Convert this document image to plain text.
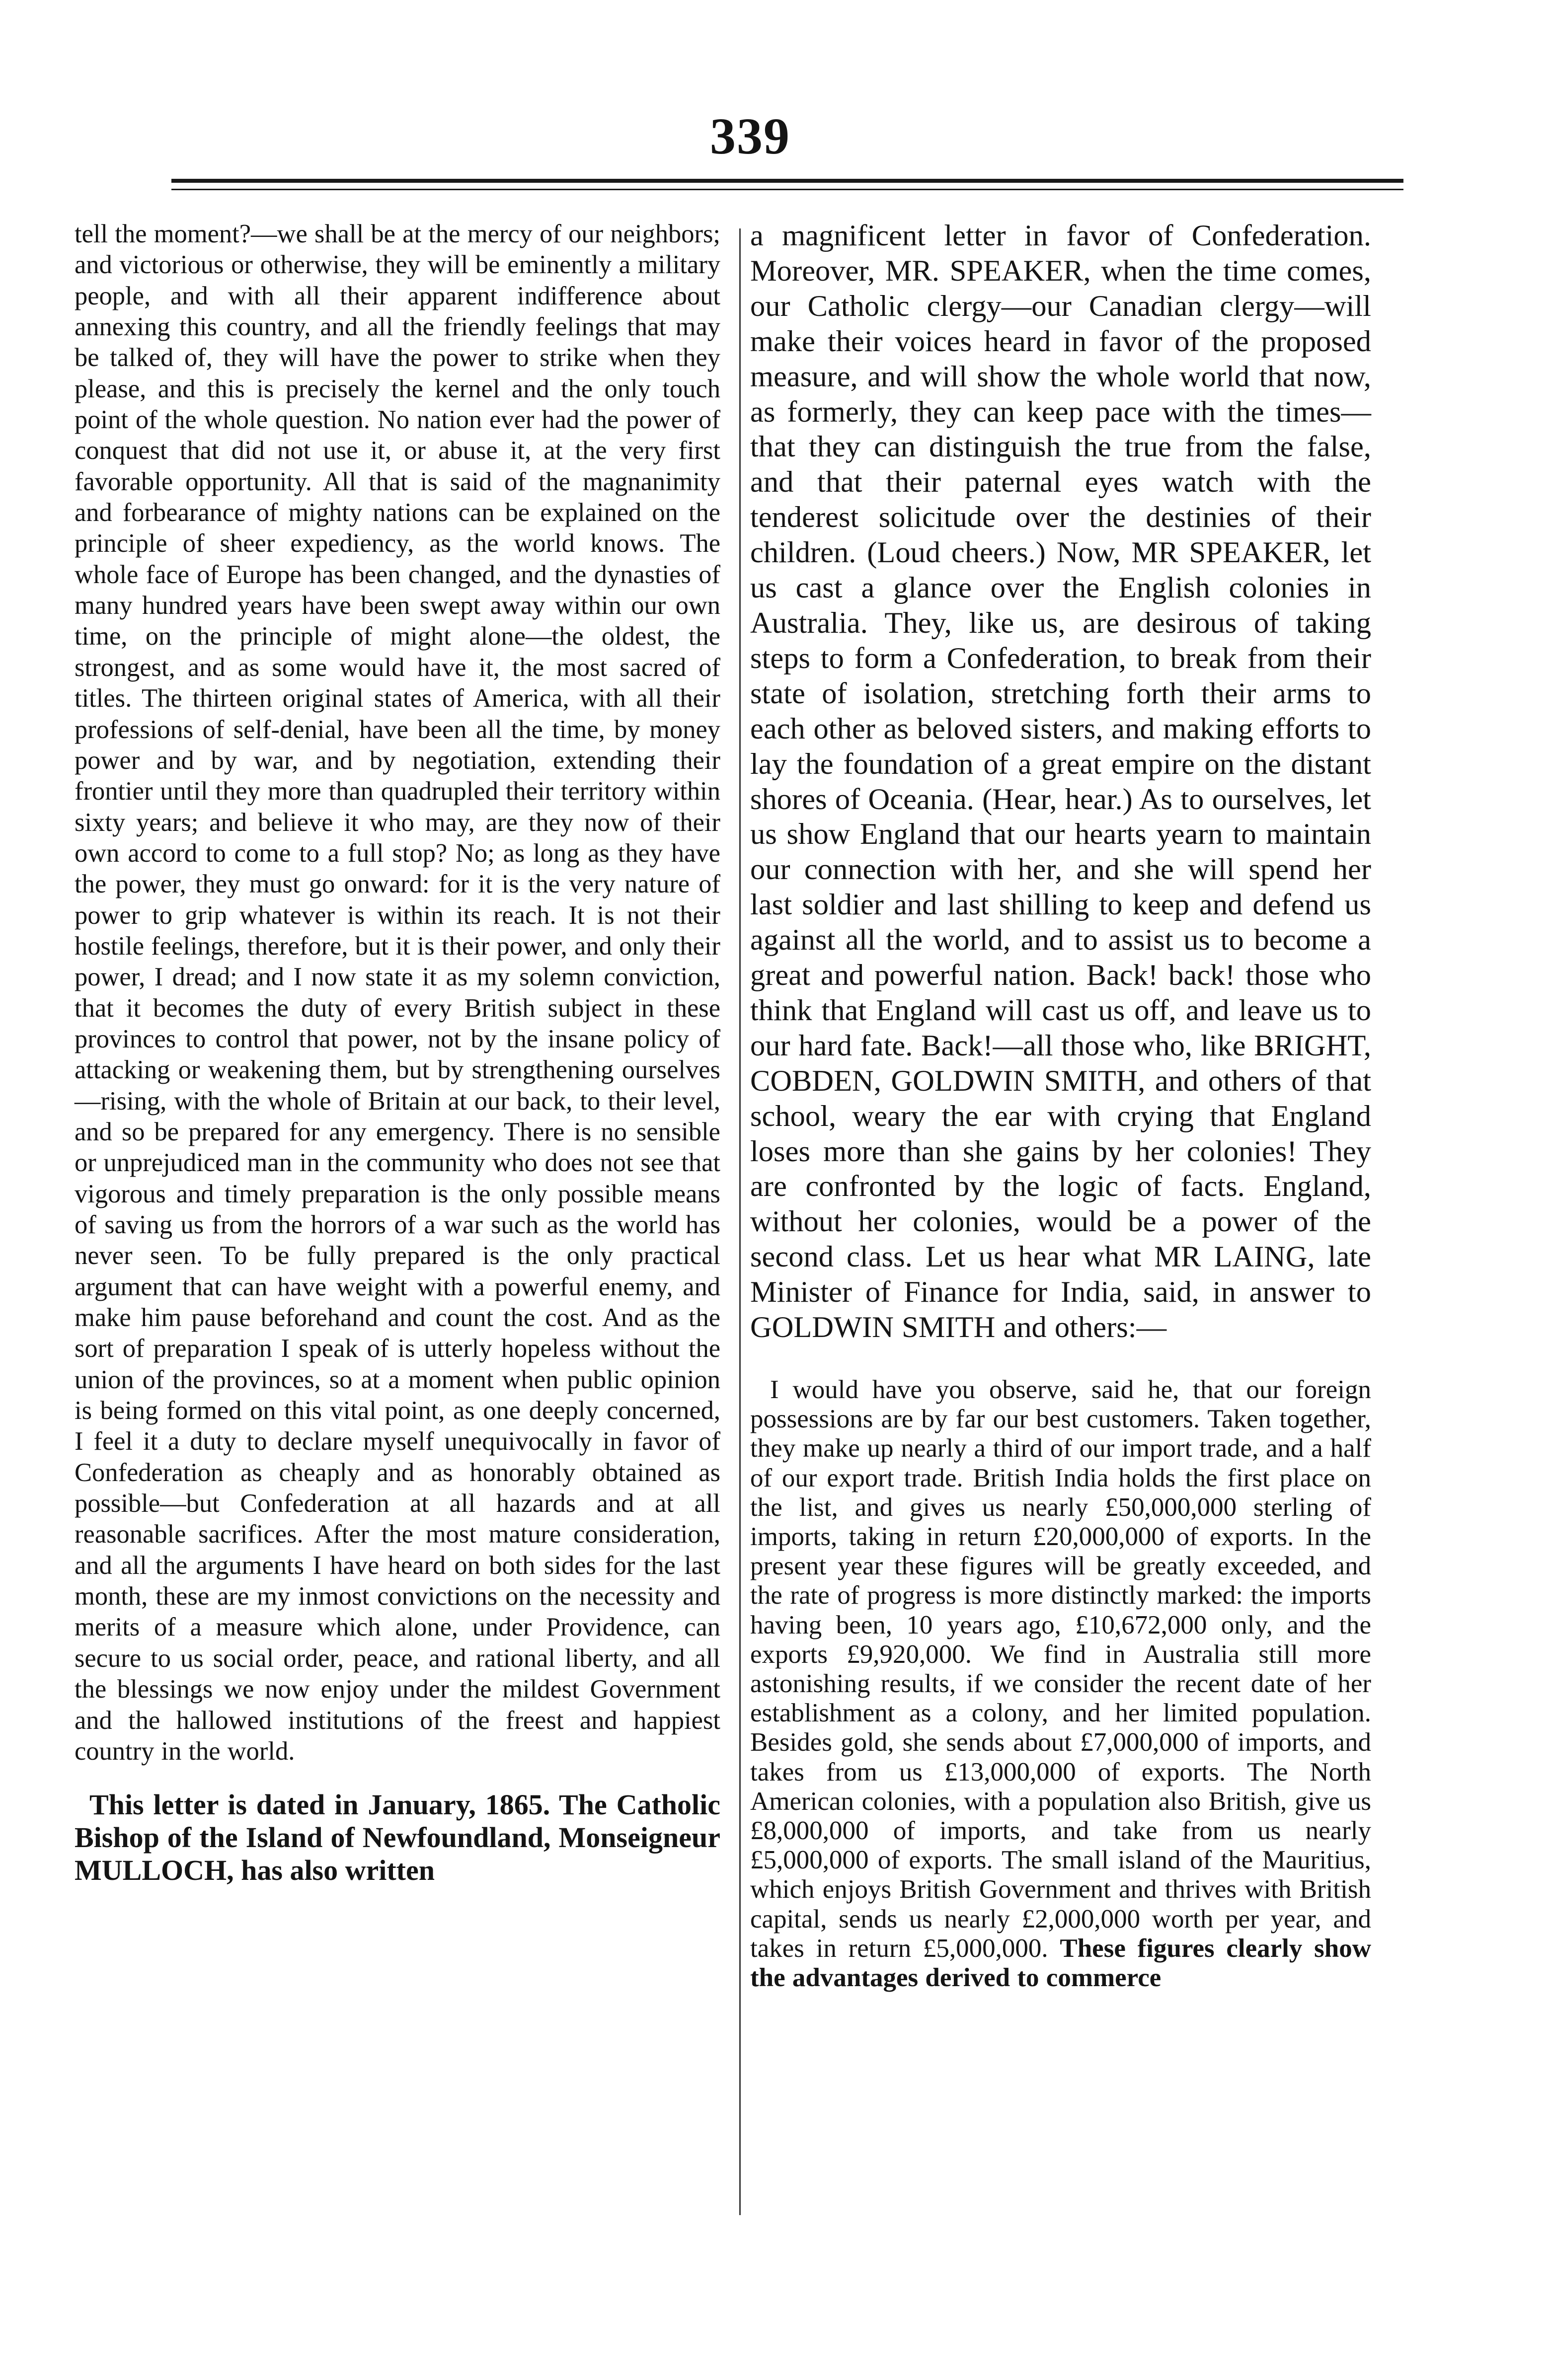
339

tell the moment?—we shall be at the mercy of our neighbors; and victorious or otherwise, they will be eminently a military people, and with all their apparent indifference about annexing this country, and all the friendly feelings that may be talked of, they will have the power to strike when they please, and this is precisely the kernel and the only touch point of the whole question. No nation ever had the power of conquest that did not use it, or abuse it, at the very first favorable opportunity. All that is said of the magnanimity and forbearance of mighty nations can be explained on the principle of sheer expediency, as the world knows. The whole face of Europe has been changed, and the dynasties of many hundred years have been swept away within our own time, on the principle of might alone—the oldest, the strongest, and as some would have it, the most sacred of titles. The thirteen original states of America, with all their professions of self-denial, have been all the time, by money power and by war, and by negotiation, extending their frontier until they more than quadrupled their territory within sixty years; and believe it who may, are they now of their own accord to come to a full stop? No; as long as they have the power, they must go onward: for it is the very nature of power to grip whatever is within its reach. It is not their hostile feelings, therefore, but it is their power, and only their power, I dread; and I now state it as my solemn conviction, that it becomes the duty of every British subject in these provinces to control that power, not by the insane policy of attacking or weakening them, but by strengthening ourselves—rising, with the whole of Britain at our back, to their level, and so be prepared for any emergency. There is no sensible or unprejudiced man in the community who does not see that vigorous and timely preparation is the only possible means of saving us from the horrors of a war such as the world has never seen. To be fully prepared is the only practical argument that can have weight with a powerful enemy, and make him pause beforehand and count the cost. And as the sort of preparation I speak of is utterly hopeless without the union of the provinces, so at a moment when public opinion is being formed on this vital point, as one deeply concerned, I feel it a duty to declare myself unequivocally in favor of Confederation as cheaply and as honorably obtained as possible—but Confederation at all hazards and at all reasonable sacrifices. After the most mature consideration, and all the arguments I have heard on both sides for the last month, these are my inmost convictions on the necessity and merits of a measure which alone, under Providence, can secure to us social order, peace, and rational liberty, and all the blessings we now enjoy under the mildest Government and the hallowed institutions of the freest and happiest country in the world.

This letter is dated in January, 1865. The Catholic Bishop of the Island of Newfoundland, Monseigneur MULLOCH, has also written

a magnificent letter in favor of Confederation. Moreover, MR. SPEAKER, when the time comes, our Catholic clergy—our Canadian clergy—will make their voices heard in favor of the proposed measure, and will show the whole world that now, as formerly, they can keep pace with the times—that they can distinguish the true from the false, and that their paternal eyes watch with the tenderest solicitude over the destinies of their children. (Loud cheers.) Now, MR SPEAKER, let us cast a glance over the English colonies in Australia. They, like us, are desirous of taking steps to form a Confederation, to break from their state of isolation, stretching forth their arms to each other as beloved sisters, and making efforts to lay the foundation of a great empire on the distant shores of Oceania. (Hear, hear.) As to ourselves, let us show England that our hearts yearn to maintain our connection with her, and she will spend her last soldier and last shilling to keep and defend us against all the world, and to assist us to become a great and powerful nation. Back! back! those who think that England will cast us off, and leave us to our hard fate. Back!—all those who, like BRIGHT, COBDEN, GOLDWIN SMITH, and others of that school, weary the ear with crying that England loses more than she gains by her colonies! They are confronted by the logic of facts. England, without her colonies, would be a power of the second class. Let us hear what MR LAING, late Minister of Finance for India, said, in answer to GOLDWIN SMITH and others:—

I would have you observe, said he, that our foreign possessions are by far our best customers. Taken together, they make up nearly a third of our import trade, and a half of our export trade. British India holds the first place on the list, and gives us nearly £50,000,000 sterling of imports, taking in return £20,000,000 of exports. In the present year these figures will be greatly exceeded, and the rate of progress is more distinctly marked: the imports having been, 10 years ago, £10,672,000 only, and the exports £9,920,000. We find in Australia still more astonishing results, if we consider the recent date of her establishment as a colony, and her limited population. Besides gold, she sends about £7,000,000 of imports, and takes from us £13,000,000 of exports. The North American colonies, with a population also British, give us £8,000,000 of imports, and take from us nearly £5,000,000 of exports. The small island of the Mauritius, which enjoys British Government and thrives with British capital, sends us nearly £2,000,000 worth per year, and takes in return £5,000,000. These figures clearly show the advantages derived to commerce
